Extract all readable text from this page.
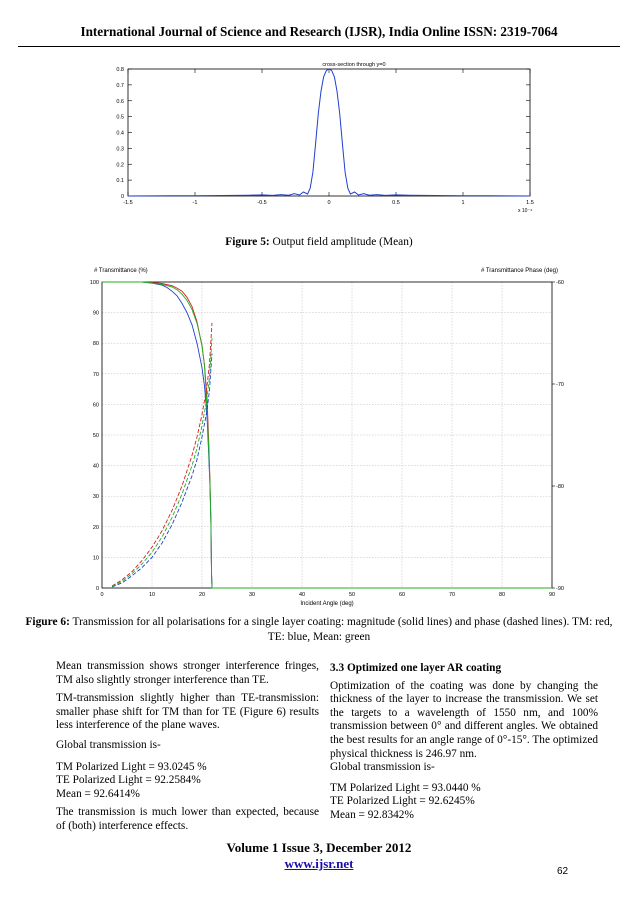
International Journal of Science and Research (IJSR), India Online ISSN: 2319-7064
cross-section through y=0
0
0.1
0.2
0.3
0.4
0.5
0.6
0.7
0.8
-1.5	-1	-0.5	0	0.5	1	1.5
x 10⁻⁴
Figure 5: Output field amplitude (Mean)
0	10	20	30	40	50	60	70	80	90
0
10
20
30
40
50
60
70
80
90
100
-90
-80
-70
-60
# Transmittance (%)	# Transmittance Phase (deg)
Incident Angle (deg)
Figure 6: Transmission for all polarisations for a single layer coating: magnitude (solid lines) and phase (dashed lines). TM: red, TE: blue, Mean: green

Mean transmission shows stronger interference fringes, TM also slightly stronger interference than TE.

TM-transmission slightly higher than TE-transmission: smaller phase shift for TM than for TE (Figure 6) results less interference of the plane waves.

Global transmission is-

TM Polarized Light = 93.0245 %

TE Polarized Light = 92.2584%

Mean = 92.6414%

The transmission is much lower than expected, because of (both) interference effects.

3.3 Optimized one layer AR coating

Optimization of the coating was done by changing the thickness of the layer to increase the transmission. We set the targets to a wavelength of 1550 nm, and 100% transmission between 0° and different angles. We obtained the best results for an angle range of 0°-15°. The optimized physical thickness is 246.97 nm.

Global transmission is-

TM Polarized Light = 93.0440 %

TE Polarized Light = 92.6245%

Mean = 92.8342%

Volume 1 Issue 3, December 2012
www.ijsr.net
62
